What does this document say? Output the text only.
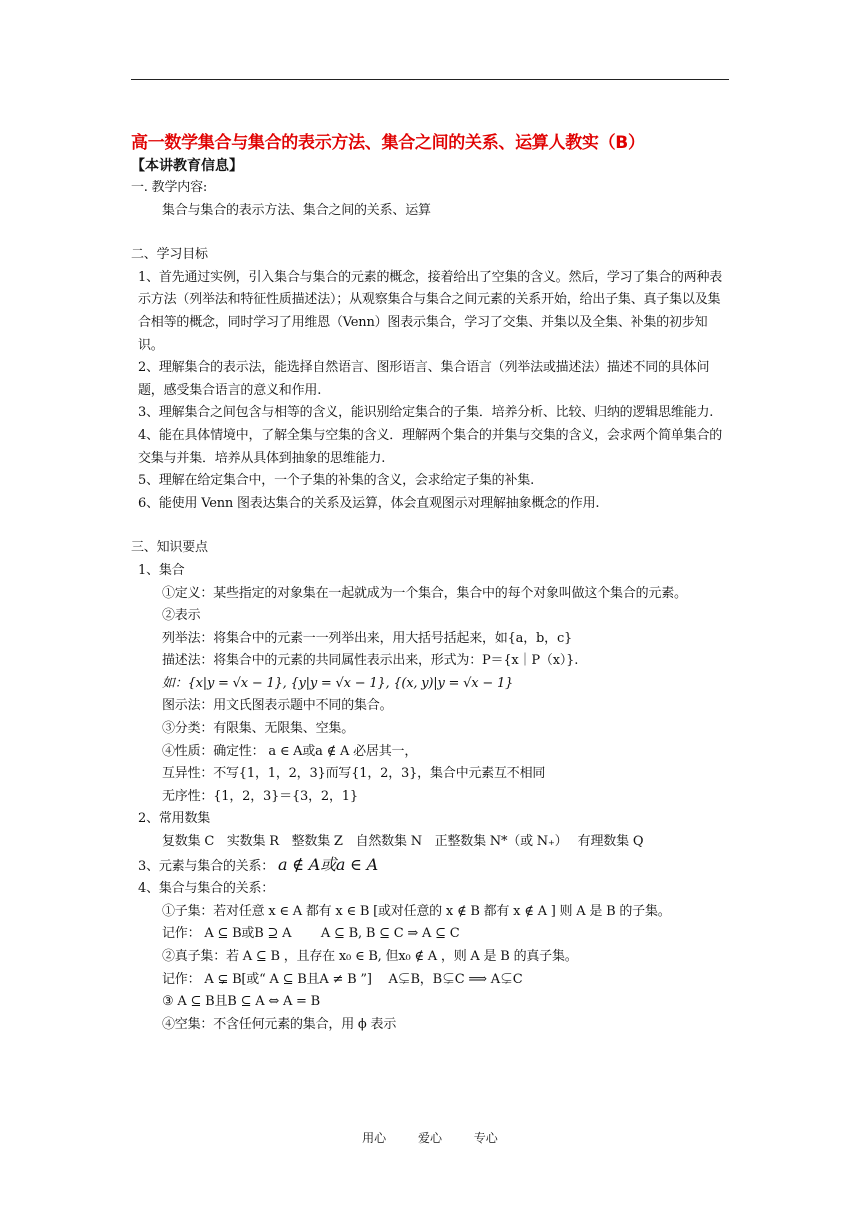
高一数学集合与集合的表示方法、集合之间的关系、运算人教实（B）
【本讲教育信息】
一. 教学内容:
集合与集合的表示方法、集合之间的关系、运算
二、学习目标
1、首先通过实例，引入集合与集合的元素的概念，接着给出了空集的含义。然后，学习了集合的两种表示方法（列举法和特征性质描述法）；从观察集合与集合之间元素的关系开始，给出子集、真子集以及集合相等的概念，同时学习了用维恩（Venn）图表示集合，学习了交集、并集以及全集、补集的初步知识。
2、理解集合的表示法，能选择自然语言、图形语言、集合语言（列举法或描述法）描述不同的具体问题，感受集合语言的意义和作用.
3、理解集合之间包含与相等的含义，能识别给定集合的子集．培养分析、比较、归纳的逻辑思维能力.
4、能在具体情境中，了解全集与空集的含义．理解两个集合的并集与交集的含义，会求两个简单集合的交集与并集．培养从具体到抽象的思维能力.
5、理解在给定集合中，一个子集的补集的含义，会求给定子集的补集.
6、能使用 Venn 图表达集合的关系及运算，体会直观图示对理解抽象概念的作用.
三、知识要点
1、集合
①定义：某些指定的对象集在一起就成为一个集合，集合中的每个对象叫做这个集合的元素。
②表示
列举法：将集合中的元素一一列举出来，用大括号括起来，如{a，b，c}
描述法：将集合中的元素的共同属性表示出来，形式为：P＝{x｜P（x）}.
如：{x|y = √x − 1}, {y|y = √x − 1}, {(x, y)|y = √x − 1}
图示法：用文氏图表示题中不同的集合。
③分类：有限集、无限集、空集。
④性质：确定性： a ∈ A或a ∉ A 必居其一，
互异性：不写{1，1，2，3}而写{1，2，3}，集合中元素互不相同
无序性：{1，2，3}＝{3，2，1}
2、常用数集
复数集 C　实数集 R　整数集 Z　自然数集 N　正整数集 N*（或 N₊）　 有理数集 Q
3、元素与集合的关系： a ∉ A或a ∈ A
4、集合与集合的关系：
①子集：若对任意 x ∈ A 都有 x ∈ B [或对任意的 x ∉ B 都有 x ∉ A ] 则 A 是 B 的子集。
记作： A ⊆ B或B ⊇ A　　 A ⊆ B, B ⊆ C ⇒ A ⊆ C
②真子集：若 A ⊆ B ，且存在 x₀ ∈ B, 但x₀ ∉ A ，则 A 是 B 的真子集。
记作： A ⊊ B[或“ A ⊆ B且A ≠ B ”]　 A⊊B，B⊊C ⟹ A⊊C
③ A ⊆ B且B ⊆ A ⇔ A = B
④空集：不含任何元素的集合，用 ϕ 表示
用心 爱心 专心
